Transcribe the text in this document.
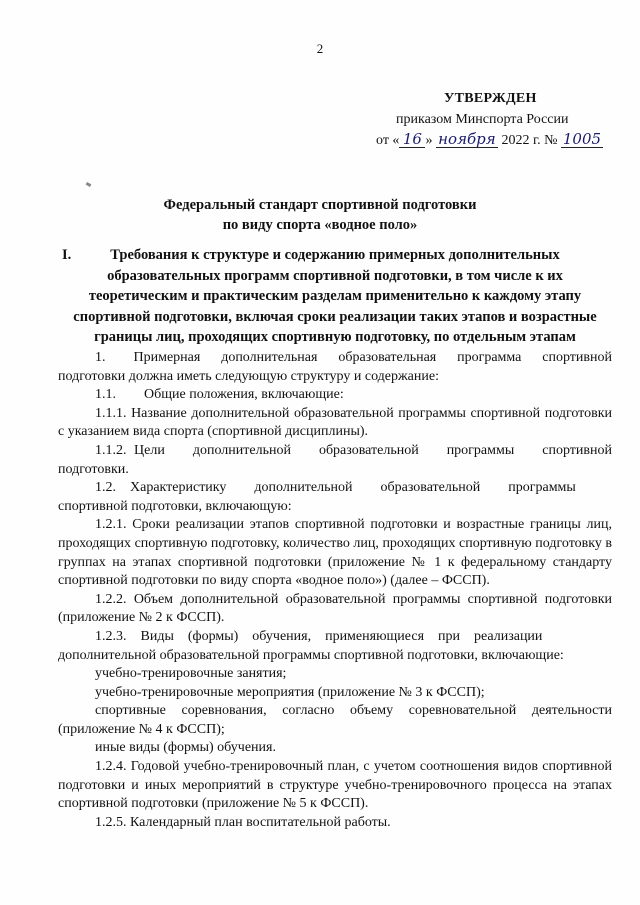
2
УТВЕРЖДЕН
приказом Минспорта России
от « 16 » ноября 2022 г. № 1005
Федеральный стандарт спортивной подготовки
по виду спорта «водное поло»
I.	Требования к структуре и содержанию примерных дополнительных образовательных программ спортивной подготовки, в том числе к их теоретическим и практическим разделам применительно к каждому этапу спортивной подготовки, включая сроки реализации таких этапов и возрастные границы лиц, проходящих спортивную подготовку, по отдельным этапам

1.  Примерная дополнительная образовательная программа спортивной подготовки должна иметь следующую структуру и содержание:

1.1.  Общие положения, включающие:

1.1.1. Название дополнительной образовательной программы спортивной подготовки с указанием вида спорта (спортивной дисциплины).

1.1.2. Цели  дополнительной  образовательной  программы  спортивной подготовки.

1.2. Характеристику  дополнительной  образовательной  программы спортивной подготовки, включающую:

1.2.1. Сроки реализации этапов спортивной подготовки и возрастные границы лиц, проходящих спортивную подготовку, количество лиц, проходящих спортивную подготовку в группах на этапах спортивной подготовки (приложение № 1 к федеральному стандарту спортивной подготовки по виду спорта «водное поло») (далее – ФССП).

1.2.2. Объем дополнительной образовательной программы спортивной подготовки (приложение № 2 к ФССП).

1.2.3. Виды (формы) обучения, применяющиеся при реализации дополнительной образовательной программы спортивной подготовки, включающие:

учебно-тренировочные занятия;

учебно-тренировочные мероприятия (приложение № 3 к ФССП);

спортивные соревнования, согласно объему соревновательной деятельности (приложение № 4 к ФССП);

иные виды (формы) обучения.

1.2.4. Годовой учебно-тренировочный план, с учетом соотношения видов спортивной подготовки и иных мероприятий в структуре учебно-тренировочного процесса на этапах спортивной подготовки (приложение № 5 к ФССП).

1.2.5. Календарный план воспитательной работы.
